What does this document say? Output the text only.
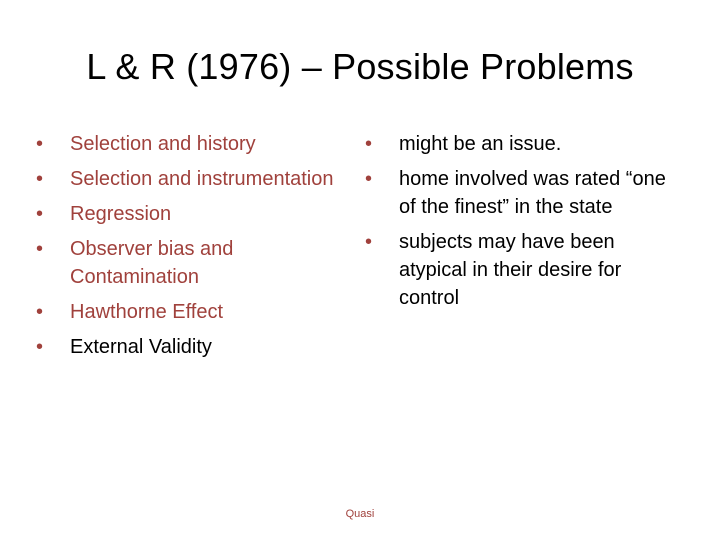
L & R (1976) – Possible Problems
• Selection and history
• Selection and instrumentation
• Regression
• Observer bias and Contamination
• Hawthorne Effect
• External Validity
• might be an issue.
• home involved was rated “one of the finest” in the state
• subjects may have been atypical in their desire for control
Quasi
